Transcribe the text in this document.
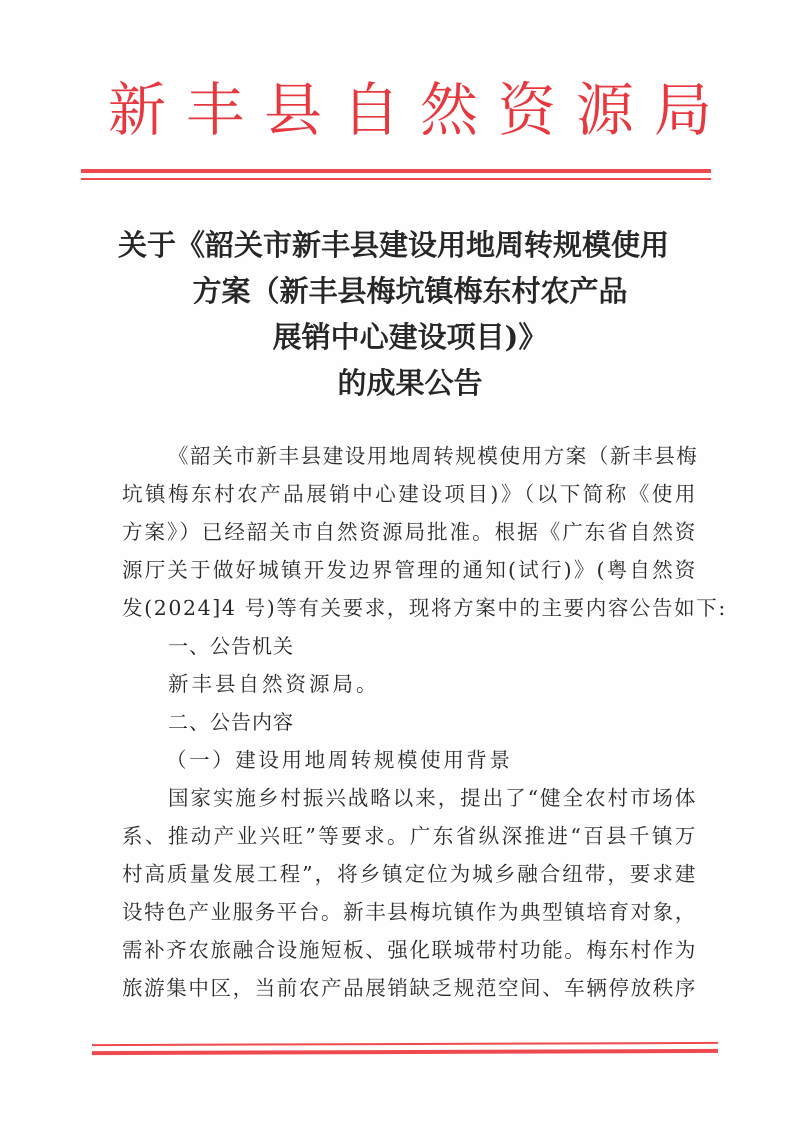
新 丰 县 自 然 资 源 局
关于《韶关市新丰县建设用地周转规模使用
方案（新丰县梅坑镇梅东村农产品
展销中心建设项目)》
的成果公告
《韶关市新丰县建设用地周转规模使用方案（新丰县梅
坑镇梅东村农产品展销中心建设项目)》（以下简称《使用
方案》）已经韶关市自然资源局批准。根据《广东省自然资
源厅关于做好城镇开发边界管理的通知(试行)》(粤自然资
发(2024]4 号)等有关要求，现将方案中的主要内容公告如下:
一、公告机关
新丰县自然资源局。
二、公告内容
（一）建设用地周转规模使用背景
国家实施乡村振兴战略以来，提出了“健全农村市场体
系、推动产业兴旺”等要求。广东省纵深推进“百县千镇万
村高质量发展工程”，将乡镇定位为城乡融合纽带，要求建
设特色产业服务平台。新丰县梅坑镇作为典型镇培育对象，
需补齐农旅融合设施短板、强化联城带村功能。梅东村作为
旅游集中区，当前农产品展销缺乏规范空间、车辆停放秩序
